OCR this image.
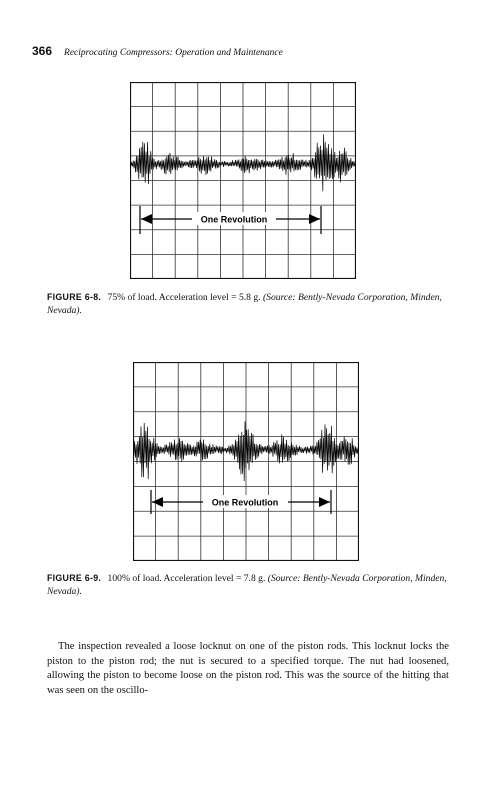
366 Reciprocating Compressors: Operation and Maintenance
One Revolution
FIGURE 6-8. 75% of load. Acceleration level = 5.8 g. (Source: Bently-Nevada Corporation, Minden, Nevada).
One Revolution
FIGURE 6-9. 100% of load. Acceleration level = 7.8 g. (Source: Bently-Nevada Corporation, Minden, Nevada).

The inspection revealed a loose locknut on one of the piston rods. This locknut locks the piston to the piston rod; the nut is secured to a specified torque. The nut had loosened, allowing the piston to become loose on the piston rod. This was the source of the hitting that was seen on the oscillo-
